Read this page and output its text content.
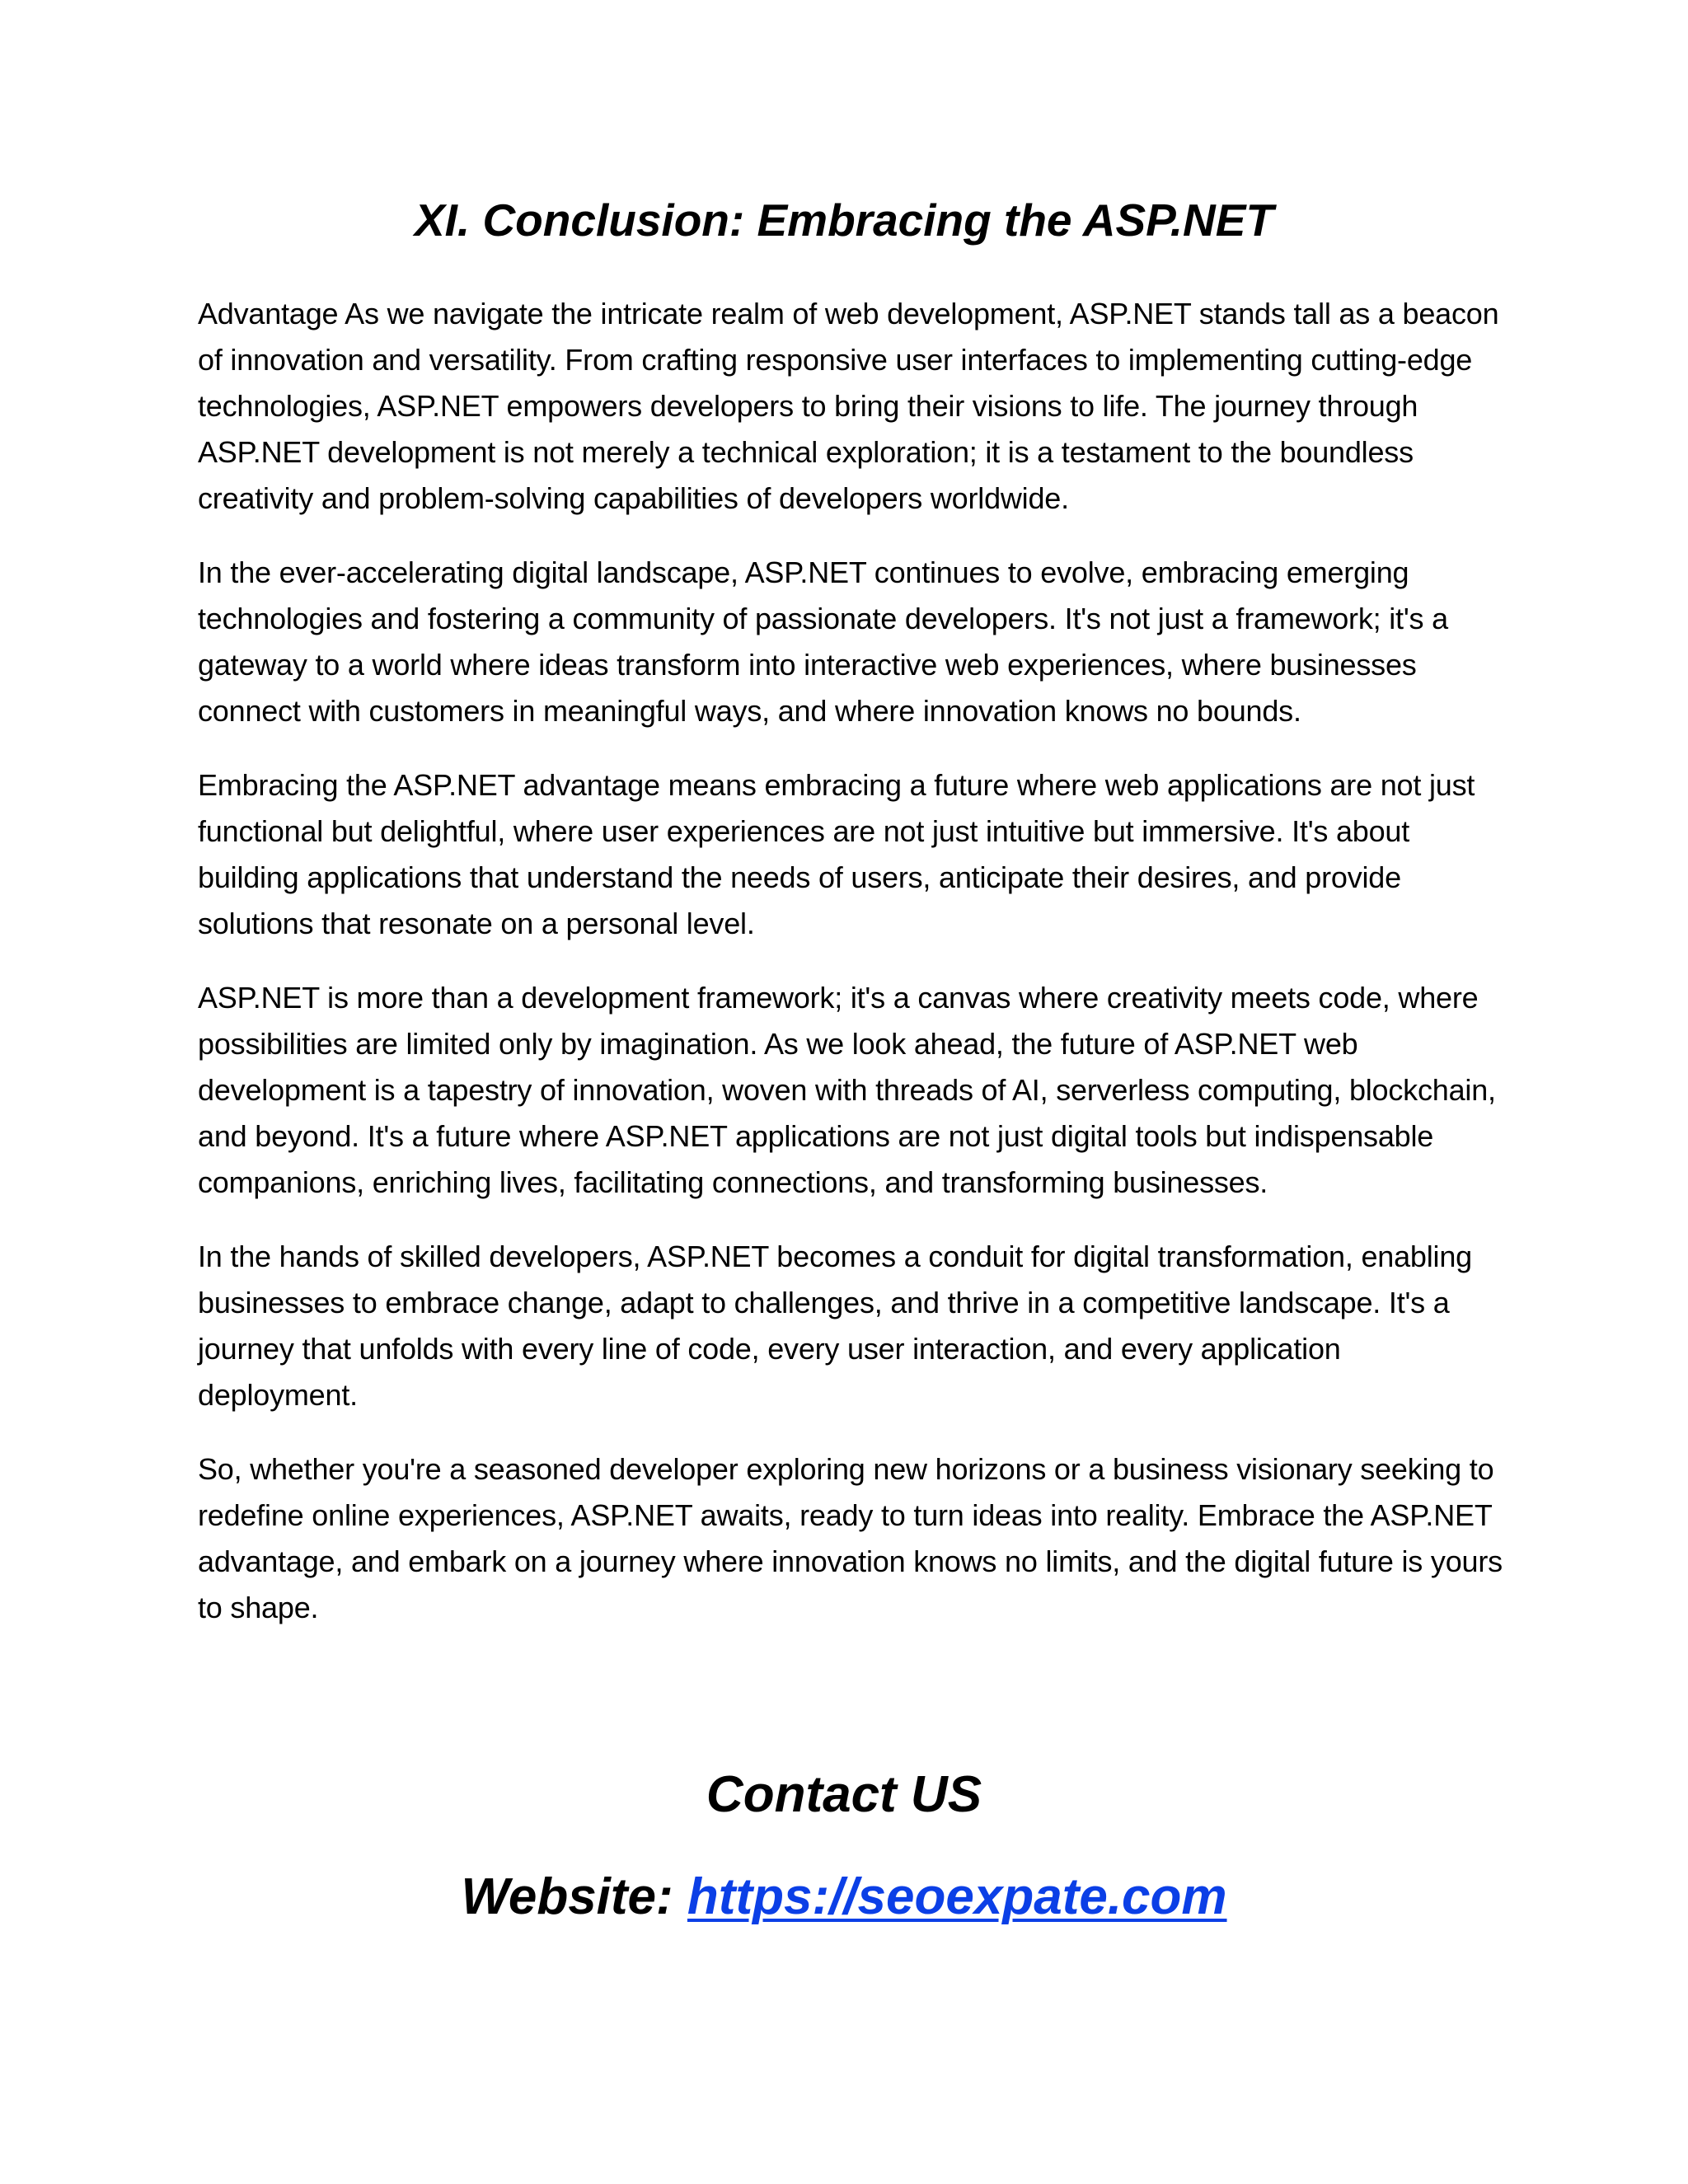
XI. Conclusion: Embracing the ASP.NET

Advantage As we navigate the intricate realm of web development, ASP.NET stands tall as a beacon of innovation and versatility. From crafting responsive user interfaces to implementing cutting-edge technologies, ASP.NET empowers developers to bring their visions to life. The journey through ASP.NET development is not merely a technical exploration; it is a testament to the boundless creativity and problem-solving capabilities of developers worldwide.

In the ever-accelerating digital landscape, ASP.NET continues to evolve, embracing emerging technologies and fostering a community of passionate developers. It's not just a framework; it's a gateway to a world where ideas transform into interactive web experiences, where businesses connect with customers in meaningful ways, and where innovation knows no bounds.

Embracing the ASP.NET advantage means embracing a future where web applications are not just functional but delightful, where user experiences are not just intuitive but immersive. It's about building applications that understand the needs of users, anticipate their desires, and provide solutions that resonate on a personal level.

ASP.NET is more than a development framework; it's a canvas where creativity meets code, where possibilities are limited only by imagination. As we look ahead, the future of ASP.NET web development is a tapestry of innovation, woven with threads of AI, serverless computing, blockchain, and beyond. It's a future where ASP.NET applications are not just digital tools but indispensable companions, enriching lives, facilitating connections, and transforming businesses.

In the hands of skilled developers, ASP.NET becomes a conduit for digital transformation, enabling businesses to embrace change, adapt to challenges, and thrive in a competitive landscape. It's a journey that unfolds with every line of code, every user interaction, and every application deployment.

So, whether you're a seasoned developer exploring new horizons or a business visionary seeking to redefine online experiences, ASP.NET awaits, ready to turn ideas into reality. Embrace the ASP.NET advantage, and embark on a journey where innovation knows no limits, and the digital future is yours to shape.

Contact US
Website: https://seoexpate.com
